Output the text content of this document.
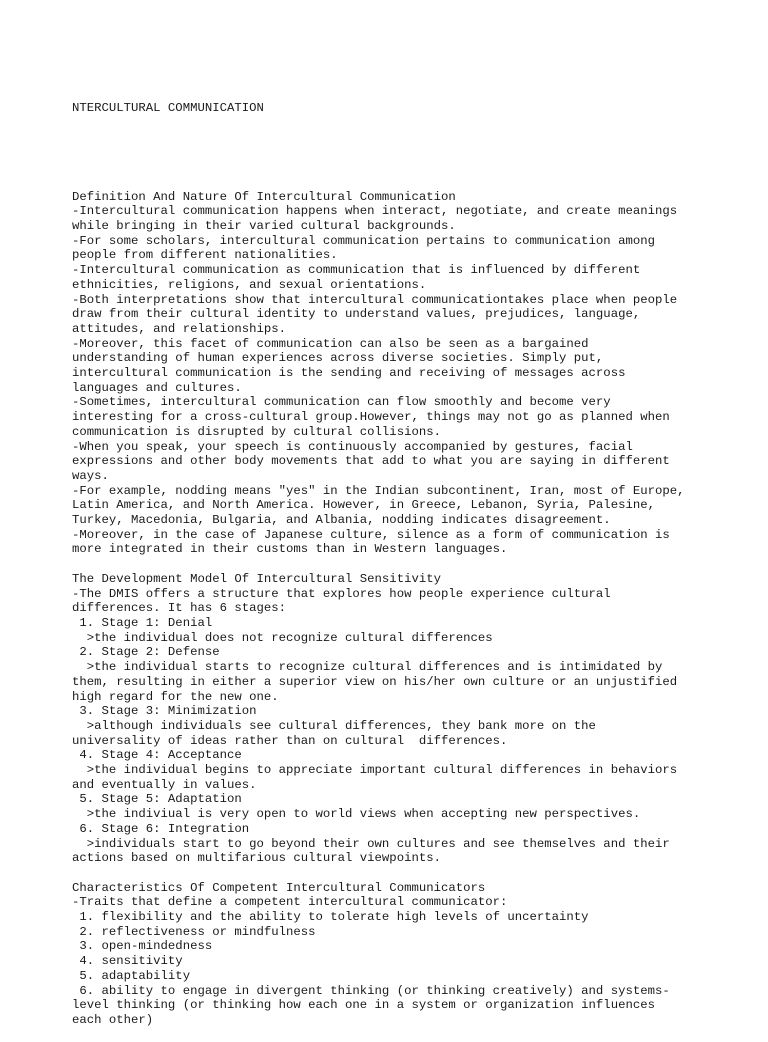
NTERCULTURAL COMMUNICATION

Definition And Nature Of Intercultural Communication
-Intercultural communication happens when interact, negotiate, and create meanings
while bringing in their varied cultural backgrounds.
-For some scholars, intercultural communication pertains to communication among
people from different nationalities.
-Intercultural communication as communication that is influenced by different
ethnicities, religions, and sexual orientations.
-Both interpretations show that intercultural communicationtakes place when people
draw from their cultural identity to understand values, prejudices, language,
attitudes, and relationships.
-Moreover, this facet of communication can also be seen as a bargained
understanding of human experiences across diverse societies. Simply put,
intercultural communication is the sending and receiving of messages across
languages and cultures.
-Sometimes, intercultural communication can flow smoothly and become very
interesting for a cross-cultural group.However, things may not go as planned when
communication is disrupted by cultural collisions.
-When you speak, your speech is continuously accompanied by gestures, facial
expressions and other body movements that add to what you are saying in different
ways.
-For example, nodding means "yes" in the Indian subcontinent, Iran, most of Europe,
Latin America, and North America. However, in Greece, Lebanon, Syria, Palesine,
Turkey, Macedonia, Bulgaria, and Albania, nodding indicates disagreement.
-Moreover, in the case of Japanese culture, silence as a form of communication is
more integrated in their customs than in Western languages.
The Development Model Of Intercultural Sensitivity
-The DMIS offers a structure that explores how people experience cultural
differences. It has 6 stages:
1. Stage 1: Denial
>the individual does not recognize cultural differences
2. Stage 2: Defense
>the individual starts to recognize cultural differences and is intimidated by
them, resulting in either a superior view on his/her own culture or an unjustified
high regard for the new one.
3. Stage 3: Minimization
>although individuals see cultural differences, they bank more on the
universality of ideas rather than on cultural  differences.
4. Stage 4: Acceptance
>the individual begins to appreciate important cultural differences in behaviors
and eventually in values.
5. Stage 5: Adaptation
>the indiviual is very open to world views when accepting new perspectives.
6. Stage 6: Integration
>individuals start to go beyond their own cultures and see themselves and their
actions based on multifarious cultural viewpoints.
Characteristics Of Competent Intercultural Communicators
-Traits that define a competent intercultural communicator:
1. flexibility and the ability to tolerate high levels of uncertainty
2. reflectiveness or mindfulness
3. open-mindedness
4. sensitivity
5. adaptability
6. ability to engage in divergent thinking (or thinking creatively) and systems-
level thinking (or thinking how each one in a system or organization influences
each other)
